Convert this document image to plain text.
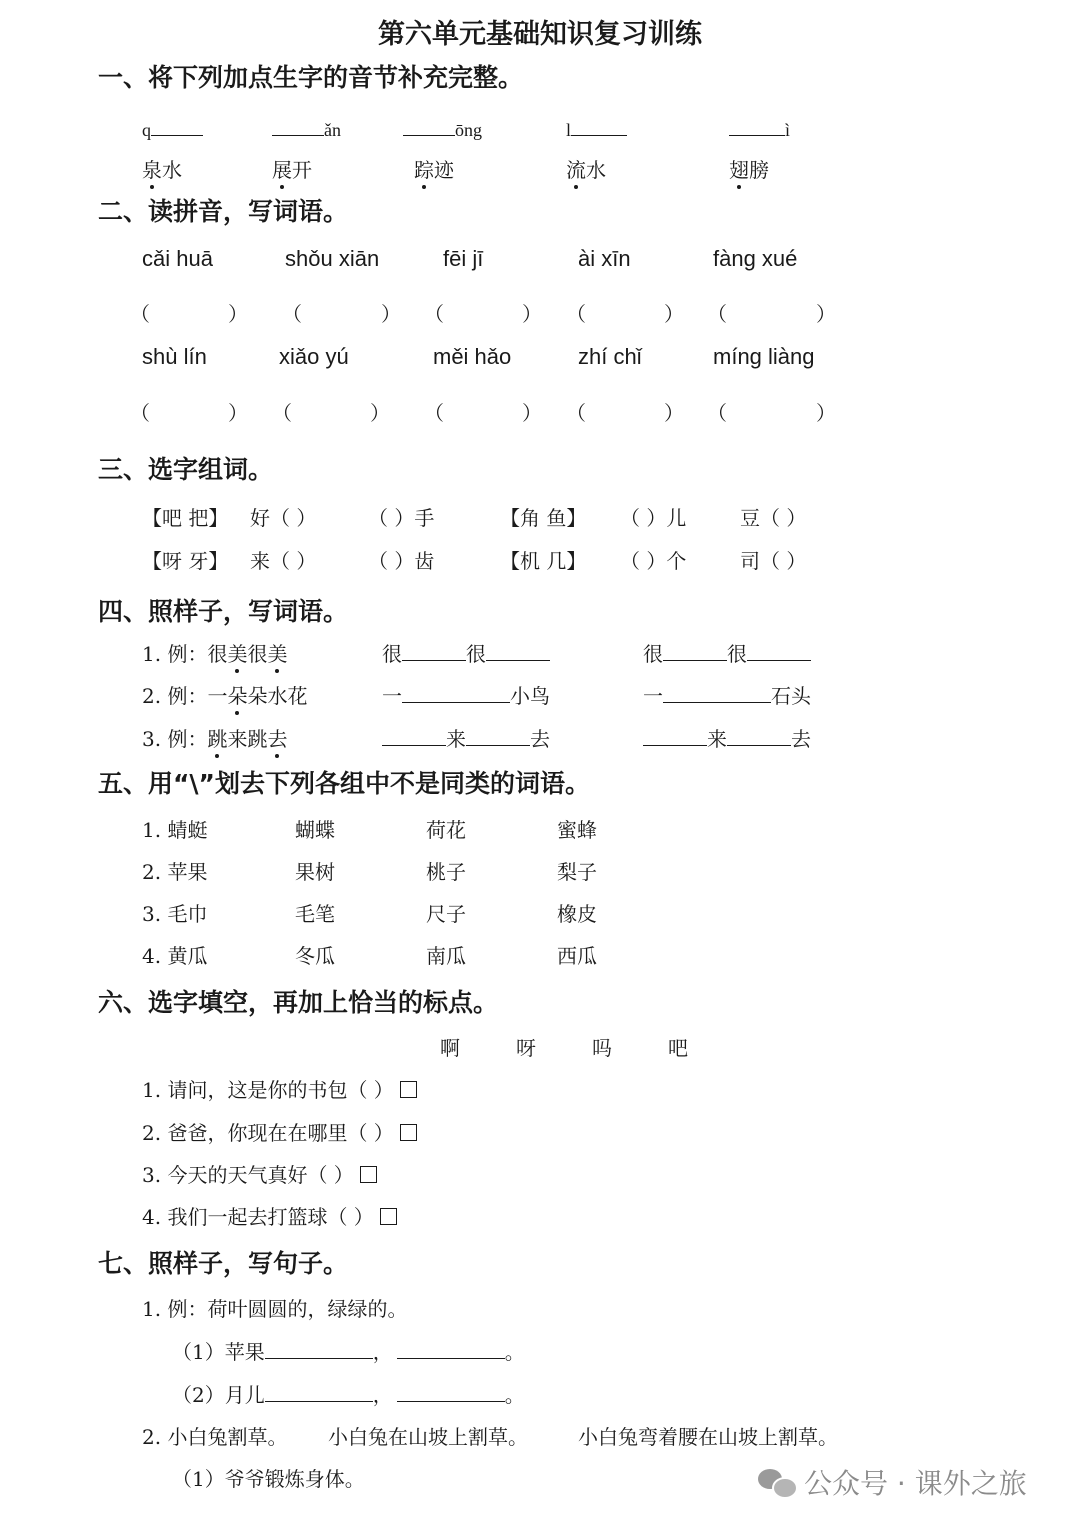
第六单元基础知识复习训练
一、将下列加点生字的音节补充完整。
q	ǎn	ōng	l	ì
泉水	展开	踪迹	流水	翅膀
二、读拼音，写词语。
cǎi huā	shǒu xiān	fēi jī	ài xīn	fàng xué
（	） （	） （	） （	） （	）
shù lín	xiǎo yú	měi hǎo	zhí chǐ	míng liàng
（	） （	） （	） （	） （	）
三、选字组词。
【吧 把】 好（ ）	（ ）手	【角 鱼】 （ ）儿	豆（ ）
【呀 牙】 来（ ）	（ ）齿	【机 几】 （ ）个	司（ ）
四、照样子，写词语。
1. 例：很美很美	很	很	很	很
2. 例：一朵朵水花	一	小鸟	一	石头
3. 例：跳来跳去	来	去	来	去
五、用“\”划去下列各组中不是同类的词语。
1. 蜻蜓	蝴蝶	荷花	蜜蜂
2. 苹果	果树	桃子	梨子
3. 毛巾	毛笔	尺子	橡皮
4. 黄瓜	冬瓜	南瓜	西瓜
六、选字填空，再加上恰当的标点。
啊	呀	吗	吧
1. 请问，这是你的书包（ ）
2. 爸爸，你现在在哪里（ ）
3. 今天的天气真好（ ）
4. 我们一起去打篮球（ ）
七、照样子，写句子。
1. 例：荷叶圆圆的，绿绿的。
（1）苹果	，	。
（2）月儿	，	。
2. 小白兔割草。 小白兔在山坡上割草。	小白兔弯着腰在山坡上割草。
（1）爷爷锻炼身体。	公众号 · 课外之旅
